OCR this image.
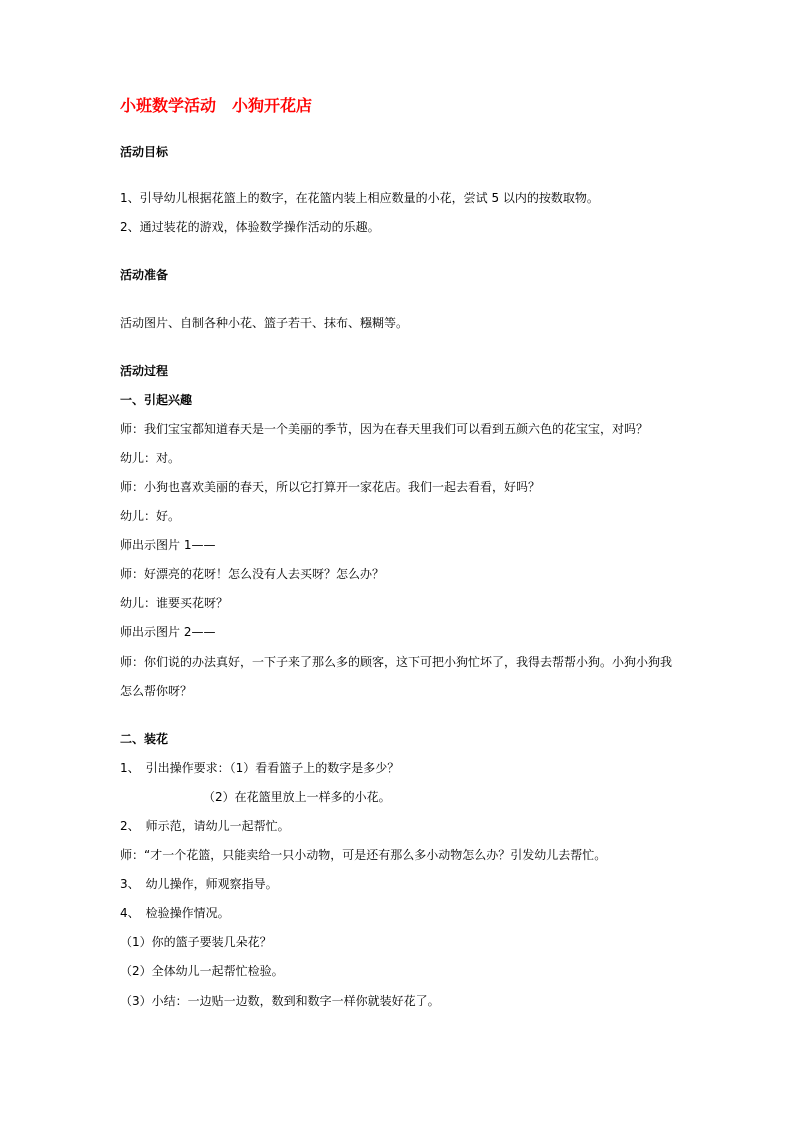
小班数学活动　小狗开花店
活动目标
1、引导幼儿根据花篮上的数字，在花篮内装上相应数量的小花，尝试 5 以内的按数取物。
2、通过装花的游戏，体验数学操作活动的乐趣。
活动准备
活动图片、自制各种小花、篮子若干、抹布、糨糊等。
活动过程
一、引起兴趣
师：我们宝宝都知道春天是一个美丽的季节，因为在春天里我们可以看到五颜六色的花宝宝，对吗？
幼儿：对。
师：小狗也喜欢美丽的春天，所以它打算开一家花店。我们一起去看看，好吗？
幼儿：好。
师出示图片 1——
师：好漂亮的花呀！怎么没有人去买呀？怎么办？
幼儿：谁要买花呀？
师出示图片 2——
师：你们说的办法真好，一下子来了那么多的顾客，这下可把小狗忙坏了，我得去帮帮小狗。小狗小狗我
怎么帮你呀？
二、装花
1、　引出操作要求：（1）看看篮子上的数字是多少？
（2）在花篮里放上一样多的小花。
2、　师示范，请幼儿一起帮忙。
师：“才一个花篮，只能卖给一只小动物，可是还有那么多小动物怎么办？引发幼儿去帮忙。
3、　幼儿操作，师观察指导。
4、　检验操作情况。
（1）你的篮子要装几朵花？
（2）全体幼儿一起帮忙检验。
（3）小结：一边贴一边数，数到和数字一样你就装好花了。
